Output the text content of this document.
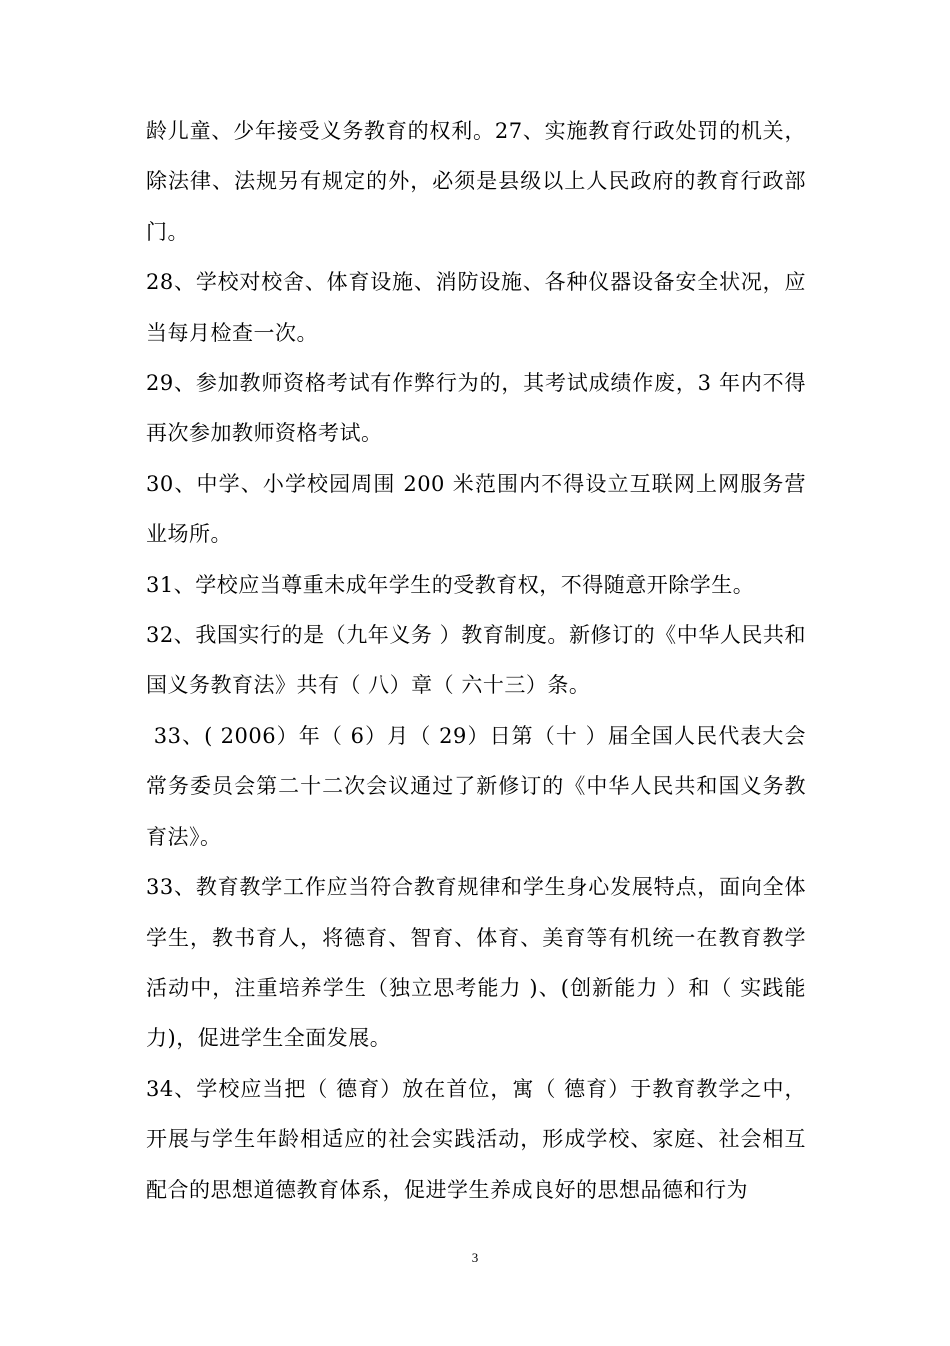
龄儿童、少年接受义务教育的权利。27、实施教育行政处罚的机关，除法律、法规另有规定的外，必须是县级以上人民政府的教育行政部门。

28、学校对校舍、体育设施、消防设施、各种仪器设备安全状况，应当每月检查一次。

29、参加教师资格考试有作弊行为的，其考试成绩作废，3 年内不得再次参加教师资格考试。

30、中学、小学校园周围 200 米范围内不得设立互联网上网服务营业场所。

31、学校应当尊重未成年学生的受教育权，不得随意开除学生。

32、我国实行的是（九年义务 ）教育制度。新修订的《中华人民共和国义务教育法》共有（ 八）章（ 六十三）条。

33、( 2006）年（ 6）月（ 29）日第（十 ）届全国人民代表大会常务委员会第二十二次会议通过了新修订的《中华人民共和国义务教育法》。

33、教育教学工作应当符合教育规律和学生身心发展特点，面向全体学生，教书育人，将德育、智育、体育、美育等有机统一在教育教学活动中，注重培养学生（独立思考能力 )、(创新能力 ）和（ 实践能力)，促进学生全面发展。

34、学校应当把（ 德育）放在首位，寓（ 德育）于教育教学之中，开展与学生年龄相适应的社会实践活动，形成学校、家庭、社会相互配合的思想道德教育体系，促进学生养成良好的思想品德和行为

3
